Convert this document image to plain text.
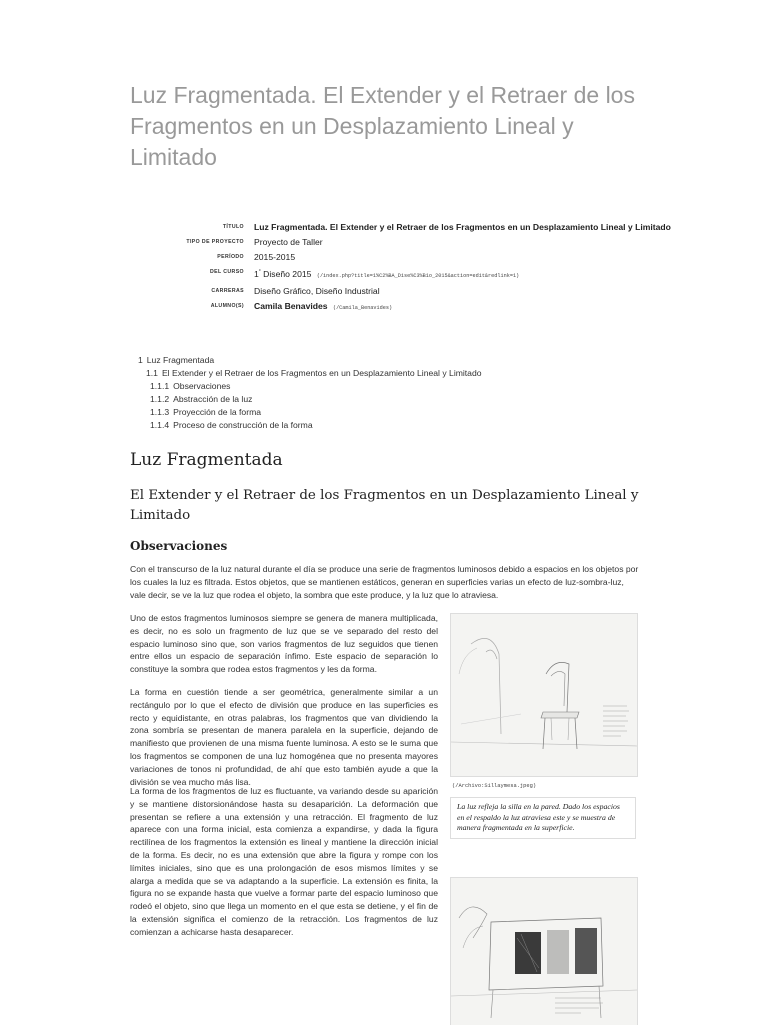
Luz Fragmentada. El Extender y el Retraer de los Fragmentos en un Desplazamiento Lineal y Limitado
TÍTULO	Luz Fragmentada. El Extender y el Retraer de los Fragmentos en un Desplazamiento Lineal y Limitado
TIPO DE PROYECTO	Proyecto de Taller
PERÍODO	2015-2015
DEL CURSO	1° Diseño 2015 (/index.php?title=1%C2%BA_Dise%C3%B1o_2015&action=edit&redlink=1)
CARRERAS	Diseño Gráfico, Diseño Industrial
ALUMNO(S)	Camila Benavides (/Camila_Benavides)
1 Luz Fragmentada
1.1 El Extender y el Retraer de los Fragmentos en un Desplazamiento Lineal y Limitado
1.1.1 Observaciones
1.1.2 Abstracción de la luz
1.1.3 Proyección de la forma
1.1.4 Proceso de construcción de la forma
Luz Fragmentada
El Extender y el Retraer de los Fragmentos en un Desplazamiento Lineal y Limitado
Observaciones

Con el transcurso de la luz natural durante el día se produce una serie de fragmentos luminosos debido a espacios en los objetos por los cuales la luz es filtrada. Estos objetos, que se mantienen estáticos, generan en superficies varias un efecto de luz-sombra-luz, vale decir, se ve la luz que rodea el objeto, la sombra que este produce, y la luz que lo atraviesa.

Uno de estos fragmentos luminosos siempre se genera de manera multiplicada, es decir, no es solo un fragmento de luz que se ve separado del resto del espacio luminoso sino que, son varios fragmentos de luz seguidos que tienen entre ellos un espacio de separación ínfimo. Este espacio de separación lo constituye la sombra que rodea estos fragmentos y les da forma.

La forma en cuestión tiende a ser geométrica, generalmente similar a un rectángulo por lo que el efecto de división que produce en las superficies es recto y equidistante, en otras palabras, los fragmentos que van dividiendo la zona sombría se presentan de manera paralela en la superficie, dejando de manifiesto que provienen de una misma fuente luminosa. A esto se le suma que los fragmentos se componen de una luz homogénea que no presenta mayores variaciones de tonos ni profundidad, de ahí que esto también ayude a que la división se vea mucho más lisa.

La forma de los fragmentos de luz es fluctuante, va variando desde su aparición y se mantiene distorsionándose hasta su desaparición. La deformación que presentan se refiere a una extensión y una retracción. El fragmento de luz aparece con una forma inicial, esta comienza a expandirse, y dada la figura rectilínea de los fragmentos la extensión es lineal y mantiene la dirección inicial de la forma. Es decir, no es una extensión que abre la figura y rompe con los límites iniciales, sino que es una prolongación de esos mismos límites y se alarga a medida que se va adaptando a la superficie. La extensión es finita, la figura no se expande hasta que vuelve a formar parte del espacio luminoso que rodeó el objeto, sino que llega un momento en el que esta se detiene, y el fin de la extensión significa el comienzo de la retracción. Los fragmentos de luz comienzan a achicarse hasta desaparecer.

(/Archivo:Sillaymesa.jpeg)
La luz refleja la silla en la pared. Dado los espacios en el respaldo la luz atraviesa este y se muestra de manera fragmentada en la superficie.
